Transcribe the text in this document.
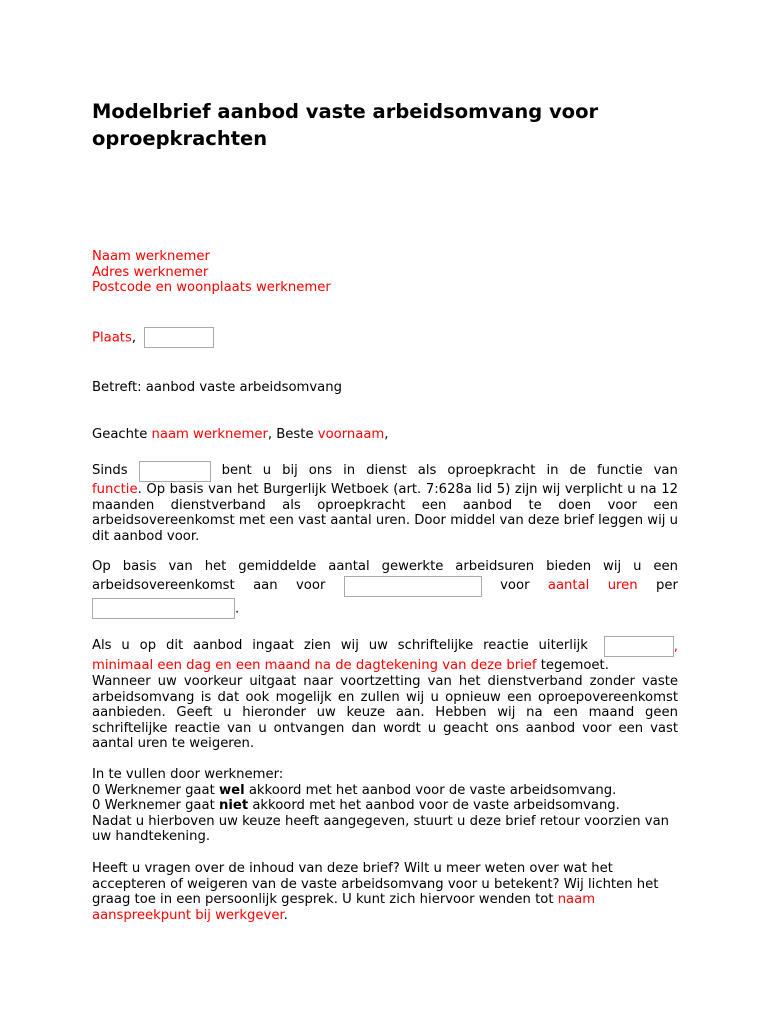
Modelbrief aanbod vaste arbeidsomvang voor oproepkrachten
Naam werknemer
Adres werknemer
Postcode en woonplaats werknemer
Plaats,
Betreft: aanbod vaste arbeidsomvang
Geachte naam werknemer, Beste voornaam,
Sinds	bent u bij ons in dienst als oproepkracht in de functie van
functie. Op basis van het Burgerlijk Wetboek (art. 7:628a lid 5) zijn wij verplicht u na 12 maanden dienstverband als oproepkracht een aanbod te doen voor een arbeidsovereenkomst met een vast aantal uren. Door middel van deze brief leggen wij u dit aanbod voor.
Op basis van het gemiddelde aantal gewerkte arbeidsuren bieden wij u een
arbeidsovereenkomst aan voor	voor aantal uren per
.
Als u op dit aanbod ingaat zien wij uw schriftelijke reactie uiterlijk	,
minimaal een dag en een maand na de dagtekening van deze brief tegemoet.
Wanneer uw voorkeur uitgaat naar voortzetting van het dienstverband zonder vaste arbeidsomvang is dat ook mogelijk en zullen wij u opnieuw een oproepovereenkomst aanbieden. Geeft u hieronder uw keuze aan. Hebben wij na een maand geen schriftelijke reactie van u ontvangen dan wordt u geacht ons aanbod voor een vast aantal uren te weigeren.
In te vullen door werknemer:
0 Werknemer gaat wel akkoord met het aanbod voor de vaste arbeidsomvang.
0 Werknemer gaat niet akkoord met het aanbod voor de vaste arbeidsomvang.
Nadat u hierboven uw keuze heeft aangegeven, stuurt u deze brief retour voorzien van uw handtekening.
Heeft u vragen over de inhoud van deze brief? Wilt u meer weten over wat het accepteren of weigeren van de vaste arbeidsomvang voor u betekent? Wij lichten het graag toe in een persoonlijk gesprek. U kunt zich hiervoor wenden tot naam aanspreekpunt bij werkgever.
